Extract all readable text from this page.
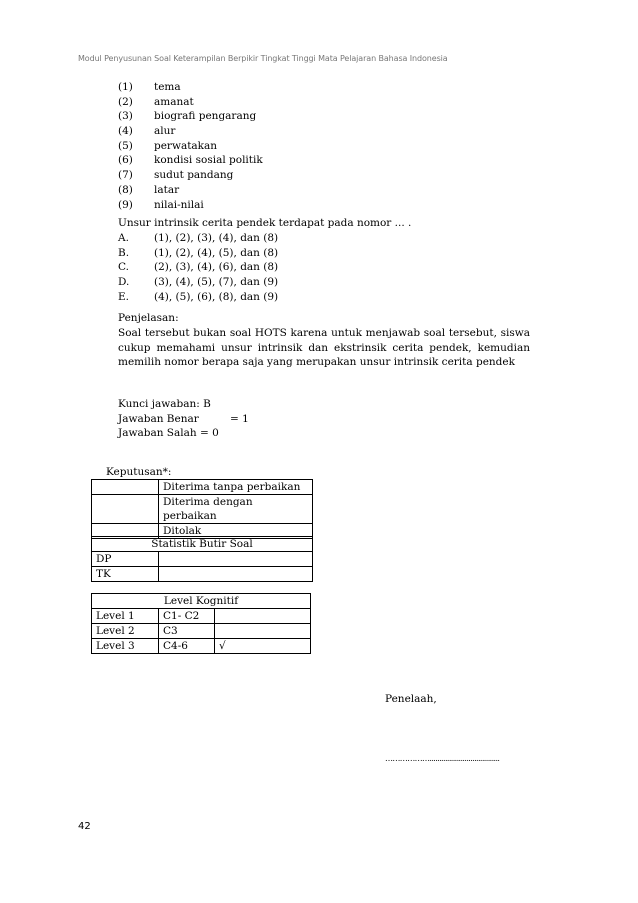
Modul Penyusunan Soal Keterampilan Berpikir Tingkat Tinggi Mata Pelajaran Bahasa Indonesia
(1)	tema
(2)	amanat
(3)	biografi pengarang
(4)	alur
(5)	perwatakan
(6)	kondisi sosial politik
(7)	sudut pandang
(8)	latar
(9)	nilai-nilai
Unsur intrinsik cerita pendek terdapat pada nomor ... .
A.	(1), (2), (3), (4), dan (8)
B.	(1), (2), (4), (5), dan (8)
C.	(2), (3), (4), (6), dan (8)
D.	(3), (4), (5), (7), dan (9)
E.	(4), (5), (6), (8), dan (9)
Penjelasan:

Soal tersebut bukan soal HOTS karena untuk menjawab soal tersebut, siswa cukup memahami unsur intrinsik dan ekstrinsik cerita pendek, kemudian memilih nomor berapa saja yang merupakan unsur intrinsik cerita pendek

Kunci jawaban: B
Jawaban Benar	= 1
Jawaban Salah = 0
Keputusan*:
	Diterima tanpa perbaikan
	Diterima dengan perbaikan
	Ditolak
Statistik Butir Soal	
DP	
TK	
Level Kognitif		
Level 1	C1- C2	
Level 2	C3	
Level 3	C4-6	√
Penelaah,
………………....................................
42
